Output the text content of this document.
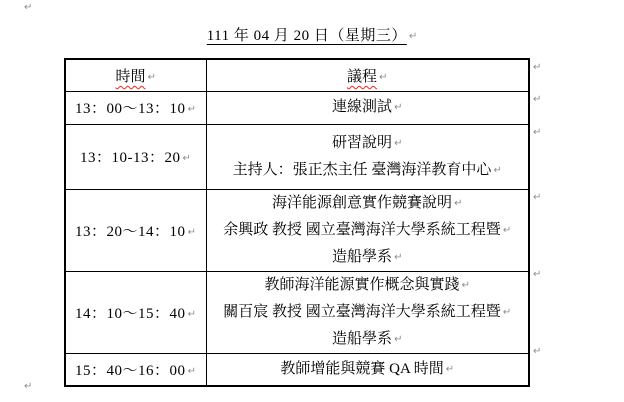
↵
111 年 04 月 20 日（星期三） ↵
時間 ↵	議程 ↵
13：00～13：10 ↵	連線測試 ↵

13：10-13：20 ↵	研習說明 ↵
主持人：張正杰主任 臺灣海洋教育中心 ↵

13：20～14：10 ↵	海洋能源創意實作競賽說明 ↵
余興政 教授 國立臺灣海洋大學系統工程暨 ↵
造船學系 ↵

14：10～15：40 ↵	教師海洋能源實作概念與實踐 ↵
關百宸 教授 國立臺灣海洋大學系統工程暨 ↵
造船學系 ↵

15：40～16：00 ↵	教師增能與競賽 QA 時間 ↵
↵
↵
↵
↵
↵
↵
↵
